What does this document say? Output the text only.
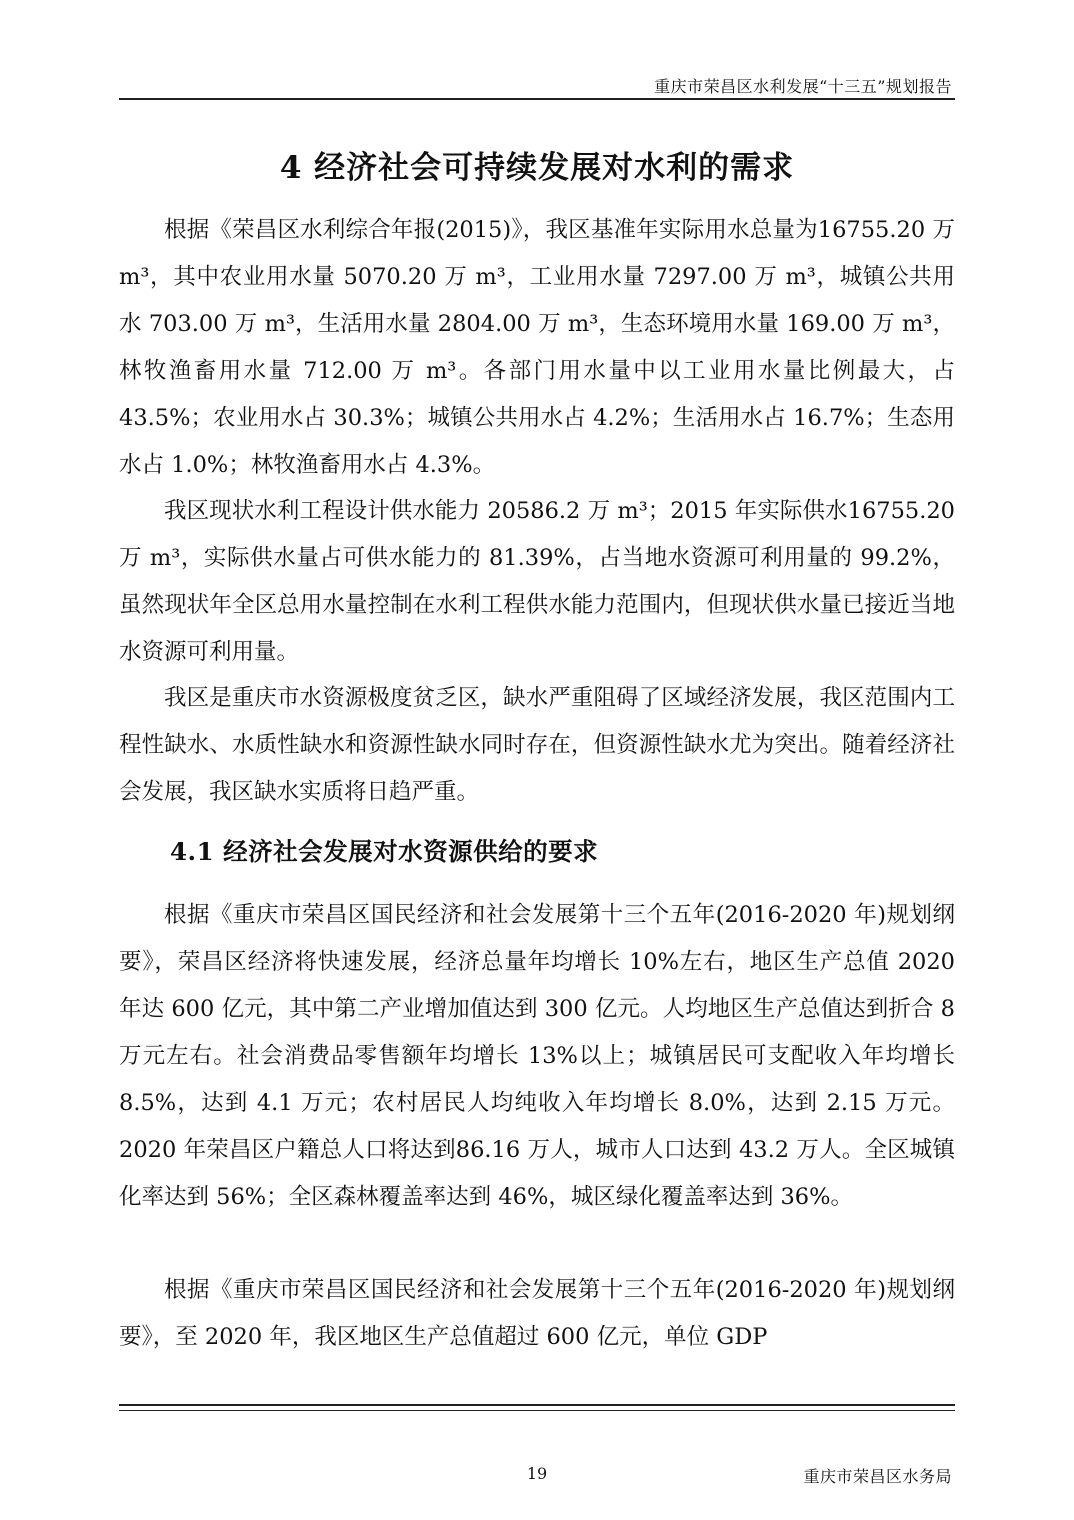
重庆市荣昌区水利发展“十三五”规划报告
4 经济社会可持续发展对水利的需求

根据《荣昌区水利综合年报(2015)》，我区基准年实际用水总量为16755.20 万 m³，其中农业用水量 5070.20 万 m³，工业用水量 7297.00 万 m³，城镇公共用水 703.00 万 m³，生活用水量 2804.00 万 m³，生态环境用水量 169.00 万 m³，林牧渔畜用水量 712.00 万 m³。各部门用水量中以工业用水量比例最大，占 43.5%；农业用水占 30.3%；城镇公共用水占 4.2%；生活用水占 16.7%；生态用水占 1.0%；林牧渔畜用水占 4.3%。

我区现状水利工程设计供水能力 20586.2 万 m³；2015 年实际供水16755.20 万 m³，实际供水量占可供水能力的 81.39%，占当地水资源可利用量的 99.2%，虽然现状年全区总用水量控制在水利工程供水能力范围内，但现状供水量已接近当地水资源可利用量。

我区是重庆市水资源极度贫乏区，缺水严重阻碍了区域经济发展，我区范围内工程性缺水、水质性缺水和资源性缺水同时存在，但资源性缺水尤为突出。随着经济社会发展，我区缺水实质将日趋严重。

4.1 经济社会发展对水资源供给的要求

根据《重庆市荣昌区国民经济和社会发展第十三个五年(2016-2020 年)规划纲要》，荣昌区经济将快速发展，经济总量年均增长 10%左右，地区生产总值 2020 年达 600 亿元，其中第二产业增加值达到 300 亿元。人均地区生产总值达到折合 8 万元左右。社会消费品零售额年均增长 13%以上；城镇居民可支配收入年均增长 8.5%，达到 4.1 万元；农村居民人均纯收入年均增长 8.0%，达到 2.15 万元。2020 年荣昌区户籍总人口将达到86.16 万人，城市人口达到 43.2 万人。全区城镇化率达到 56%；全区森林覆盖率达到 46%，城区绿化覆盖率达到 36%。

根据《重庆市荣昌区国民经济和社会发展第十三个五年(2016-2020 年)规划纲要》，至 2020 年，我区地区生产总值超过 600 亿元，单位 GDP

19	重庆市荣昌区水务局
